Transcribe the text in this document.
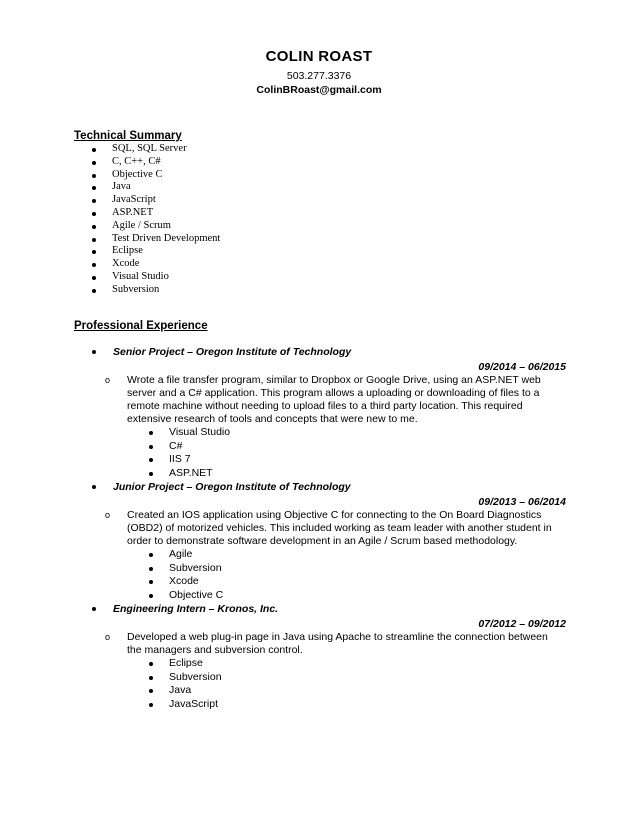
COLIN ROAST
503.277.3376
ColinBRoast@gmail.com
Technical Summary
SQL, SQL Server
C, C++, C#
Objective C
Java
JavaScript
ASP.NET
Agile / Scrum
Test Driven Development
Eclipse
Xcode
Visual Studio
Subversion
Professional Experience
Senior Project – Oregon Institute of Technology
09/2014 – 06/2015
o Wrote a file transfer program, similar to Dropbox or Google Drive, using an ASP.NET web server and a C# application. This program allows a uploading or downloading of files to a remote machine without needing to upload files to a third party location. This required extensive research of tools and concepts that were new to me.
Visual Studio
C#
IIS 7
ASP.NET
Junior Project – Oregon Institute of Technology
09/2013 – 06/2014
o Created an IOS application using Objective C for connecting to the On Board Diagnostics (OBD2) of motorized vehicles. This included working as team leader with another student in order to demonstrate software development in an Agile / Scrum based methodology.
Agile
Subversion
Xcode
Objective C
Engineering Intern – Kronos, Inc.
07/2012 – 09/2012
o Developed a web plug-in page in Java using Apache to streamline the connection between the managers and subversion control.
Eclipse
Subversion
Java
JavaScript
